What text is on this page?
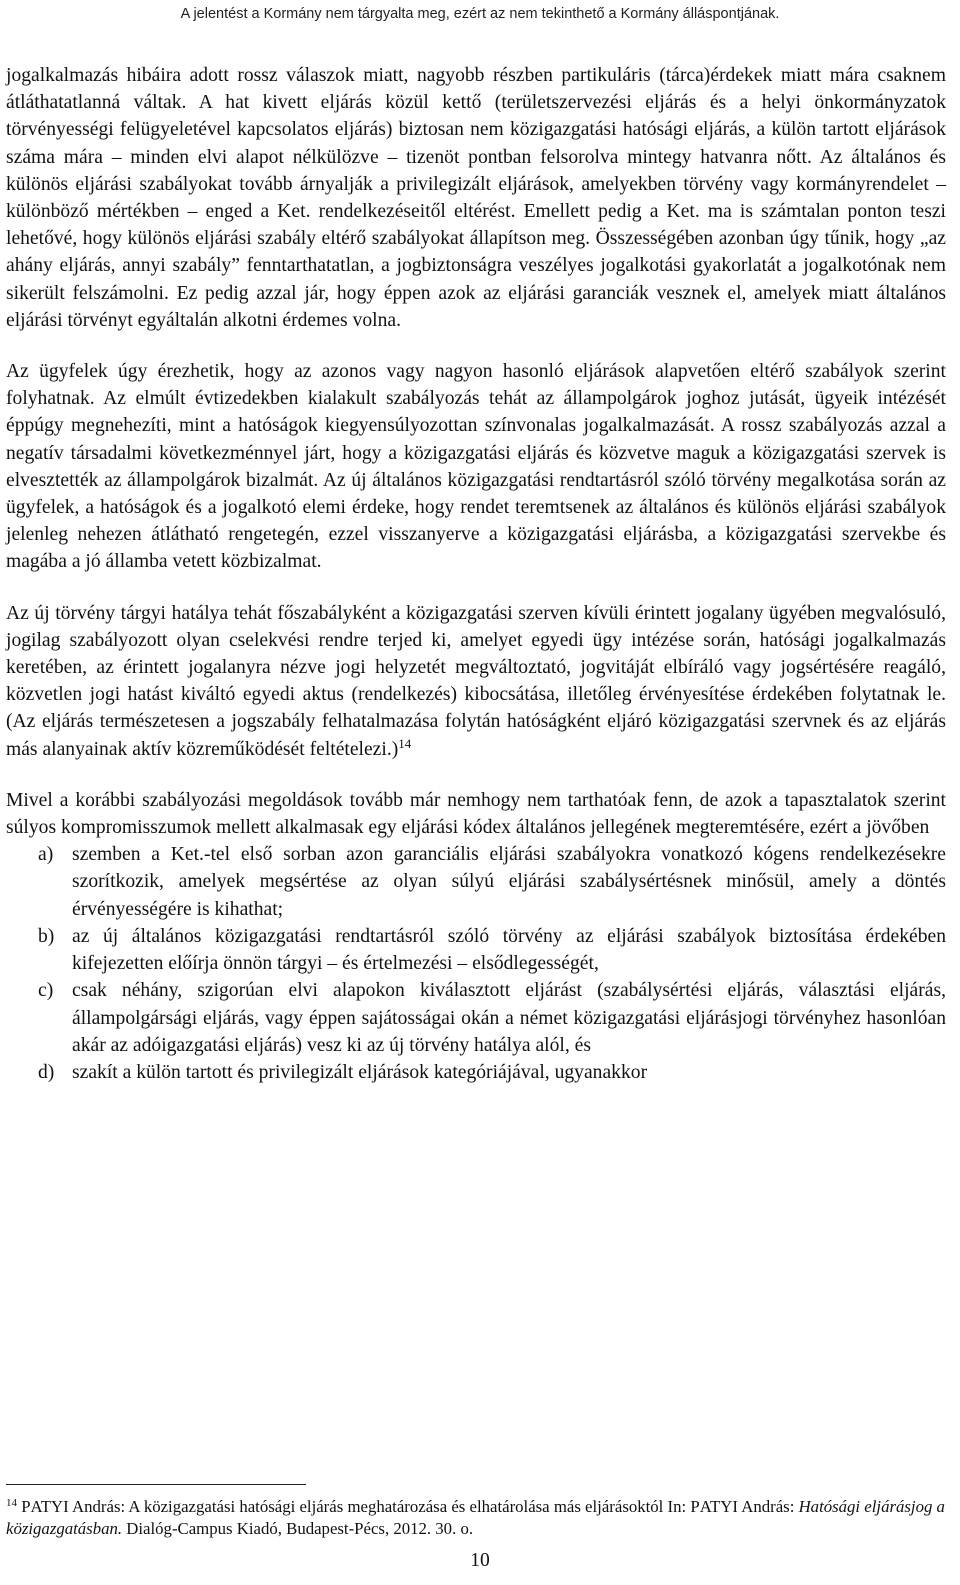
A jelentést a Kormány nem tárgyalta meg, ezért az nem tekinthető a Kormány álláspontjának.

jogalkalmazás hibáira adott rossz válaszok miatt, nagyobb részben partikuláris (tárca)érdekek miatt mára csaknem átláthatatlanná váltak. A hat kivett eljárás közül kettő (területszervezési eljárás és a helyi önkormányzatok törvényességi felügyeletével kapcsolatos eljárás) biztosan nem közigazgatási hatósági eljárás, a külön tartott eljárások száma mára – minden elvi alapot nélkülözve – tizenöt pontban felsorolva mintegy hatvanra nőtt. Az általános és különös eljárási szabályokat tovább árnyalják a privilegizált eljárások, amelyekben törvény vagy kormányrendelet – különböző mértékben – enged a Ket. rendelkezéseitől eltérést. Emellett pedig a Ket. ma is számtalan ponton teszi lehetővé, hogy különös eljárási szabály eltérő szabályokat állapítson meg. Összességében azonban úgy tűnik, hogy „az ahány eljárás, annyi szabály” fenntarthatatlan, a jogbiztonságra veszélyes jogalkotási gyakorlatát a jogalkotónak nem sikerült felszámolni. Ez pedig azzal jár, hogy éppen azok az eljárási garanciák vesznek el, amelyek miatt általános eljárási törvényt egyáltalán alkotni érdemes volna.

Az ügyfelek úgy érezhetik, hogy az azonos vagy nagyon hasonló eljárások alapvetően eltérő szabályok szerint folyhatnak. Az elmúlt évtizedekben kialakult szabályozás tehát az állampolgárok joghoz jutását, ügyeik intézését éppúgy megnehezíti, mint a hatóságok kiegyensúlyozottan színvonalas jogalkalmazását. A rossz szabályozás azzal a negatív társadalmi következménnyel járt, hogy a közigazgatási eljárás és közvetve maguk a közigazgatási szervek is elvesztették az állampolgárok bizalmát. Az új általános közigazgatási rendtartásról szóló törvény megalkotása során az ügyfelek, a hatóságok és a jogalkotó elemi érdeke, hogy rendet teremtsenek az általános és különös eljárási szabályok jelenleg nehezen átlátható rengetegén, ezzel visszanyerve a közigazgatási eljárásba, a közigazgatási szervekbe és magába a jó államba vetett közbizalmat.

Az új törvény tárgyi hatálya tehát főszabályként a közigazgatási szerven kívüli érintett jogalany ügyében megvalósuló, jogilag szabályozott olyan cselekvési rendre terjed ki, amelyet egyedi ügy intézése során, hatósági jogalkalmazás keretében, az érintett jogalanyra nézve jogi helyzetét megváltoztató, jogvitáját elbíráló vagy jogsértésére reagáló, közvetlen jogi hatást kiváltó egyedi aktus (rendelkezés) kibocsátása, illetőleg érvényesítése érdekében folytatnak le. (Az eljárás természetesen a jogszabály felhatalmazása folytán hatóságként eljáró közigazgatási szervnek és az eljárás más alanyainak aktív közreműködését feltételezi.)$^{14}$

Mivel a korábbi szabályozási megoldások tovább már nemhogy nem tarthatóak fenn, de azok a tapasztalatok szerint súlyos kompromisszumok mellett alkalmasak egy eljárási kódex általános jellegének megteremtésére, ezért a jövőben

a) szemben a Ket.-tel első sorban azon garanciális eljárási szabályokra vonatkozó kógens rendelkezésekre szorítkozik, amelyek megsértése az olyan súlyú eljárási szabálysértésnek minősül, amely a döntés érvényességére is kihathat;
b) az új általános közigazgatási rendtartásról szóló törvény az eljárási szabályok biztosítása érdekében kifejezetten előírja önnön tárgyi – és értelmezési – elsődlegességét,
c) csak néhány, szigorúan elvi alapokon kiválasztott eljárást (szabálysértési eljárás, választási eljárás, állampolgársági eljárás, vagy éppen sajátosságai okán a német közigazgatási eljárásjogi törvényhez hasonlóan akár az adóigazgatási eljárás) vesz ki az új törvény hatálya alól, és
d) szakít a külön tartott és privilegizált eljárások kategóriájával, ugyanakkor
$^{14}$ PATYI András: A közigazgatási hatósági eljárás meghatározása és elhatárolása más eljárásoktól In: PATYI András: Hatósági eljárásjog a közigazgatásban. Dialóg-Campus Kiadó, Budapest-Pécs, 2012. 30. o.
10
